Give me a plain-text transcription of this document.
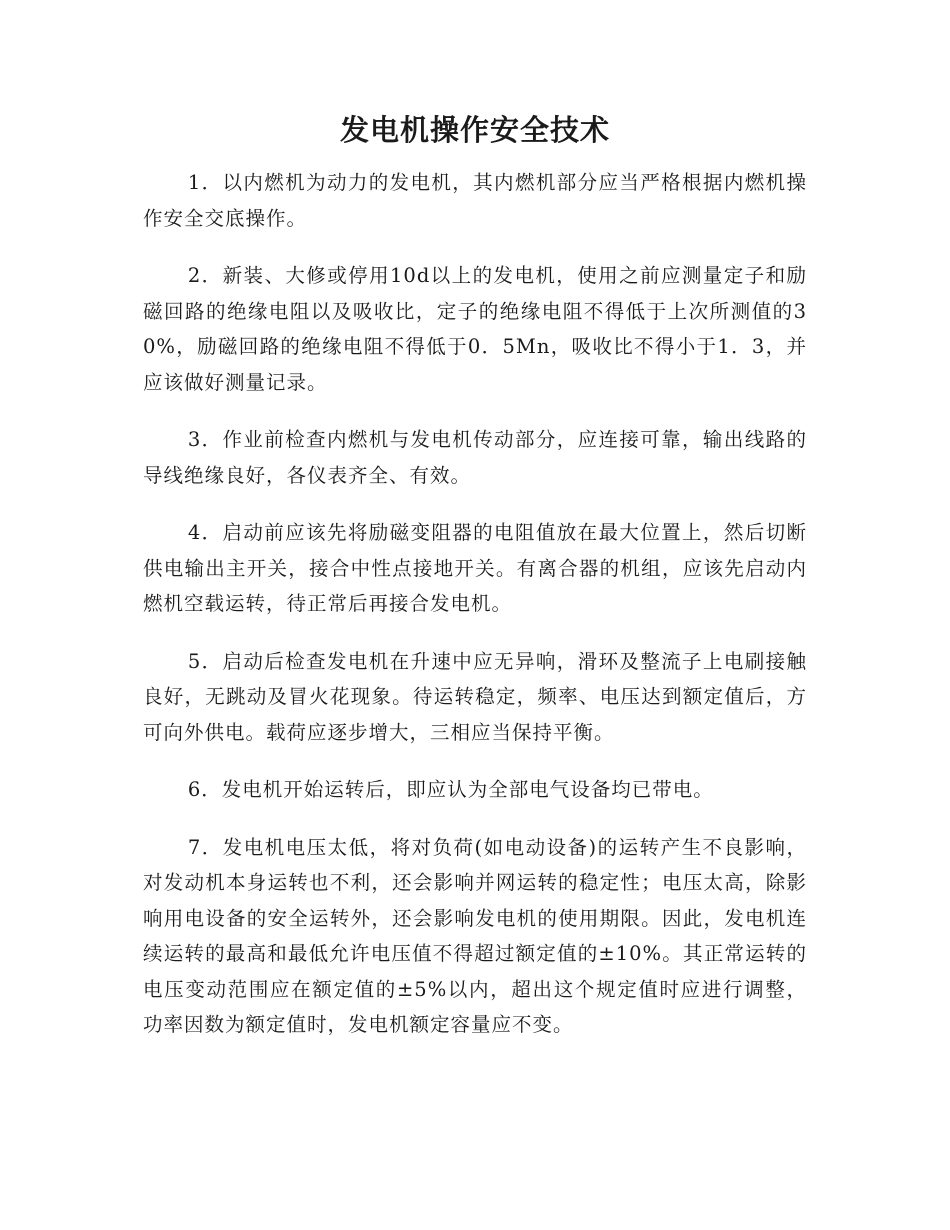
发电机操作安全技术

1．以内燃机为动力的发电机，其内燃机部分应当严格根据内燃机操作安全交底操作。

2．新装、大修或停用10d以上的发电机，使用之前应测量定子和励磁回路的绝缘电阻以及吸收比，定子的绝缘电阻不得低于上次所测值的30%，励磁回路的绝缘电阻不得低于0．5Mn，吸收比不得小于1．3，并应该做好测量记录。

3．作业前检查内燃机与发电机传动部分，应连接可靠，输出线路的导线绝缘良好，各仪表齐全、有效。

4．启动前应该先将励磁变阻器的电阻值放在最大位置上，然后切断供电输出主开关，接合中性点接地开关。有离合器的机组，应该先启动内燃机空载运转，待正常后再接合发电机。

5．启动后检查发电机在升速中应无异响，滑环及整流子上电刷接触良好，无跳动及冒火花现象。待运转稳定，频率、电压达到额定值后，方可向外供电。载荷应逐步增大，三相应当保持平衡。

6．发电机开始运转后，即应认为全部电气设备均已带电。

7．发电机电压太低，将对负荷(如电动设备)的运转产生不良影响，对发动机本身运转也不利，还会影响并网运转的稳定性；电压太高，除影响用电设备的安全运转外，还会影响发电机的使用期限。因此，发电机连续运转的最高和最低允许电压值不得超过额定值的±10%。其正常运转的电压变动范围应在额定值的±5%以内，超出这个规定值时应进行调整，功率因数为额定值时，发电机额定容量应不变。
